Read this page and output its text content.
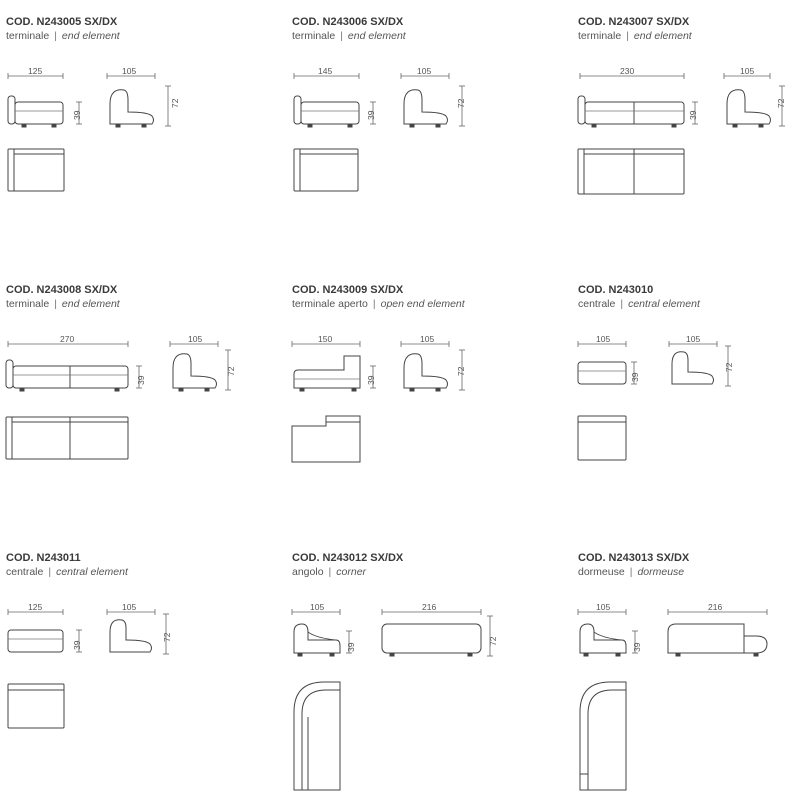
COD. N243005 SX/DX
terminale | end element
COD. N243006 SX/DX
terminale | end element
COD. N243007 SX/DX
terminale | end element
COD. N243008 SX/DX
terminale | end element
COD. N243009 SX/DX
terminale aperto | open end element
COD. N243010
centrale | central element
COD. N243011
centrale | central element
COD. N243012 SX/DX
angolo | corner
COD. N243013 SX/DX
dormeuse | dormeuse
125	105
39
72
145	105
39
72
230	105
39
72
270	105
39
72
150	105
39
72
105	105
39
72
125	105
39
72
105	216
39
72
105	216
39
